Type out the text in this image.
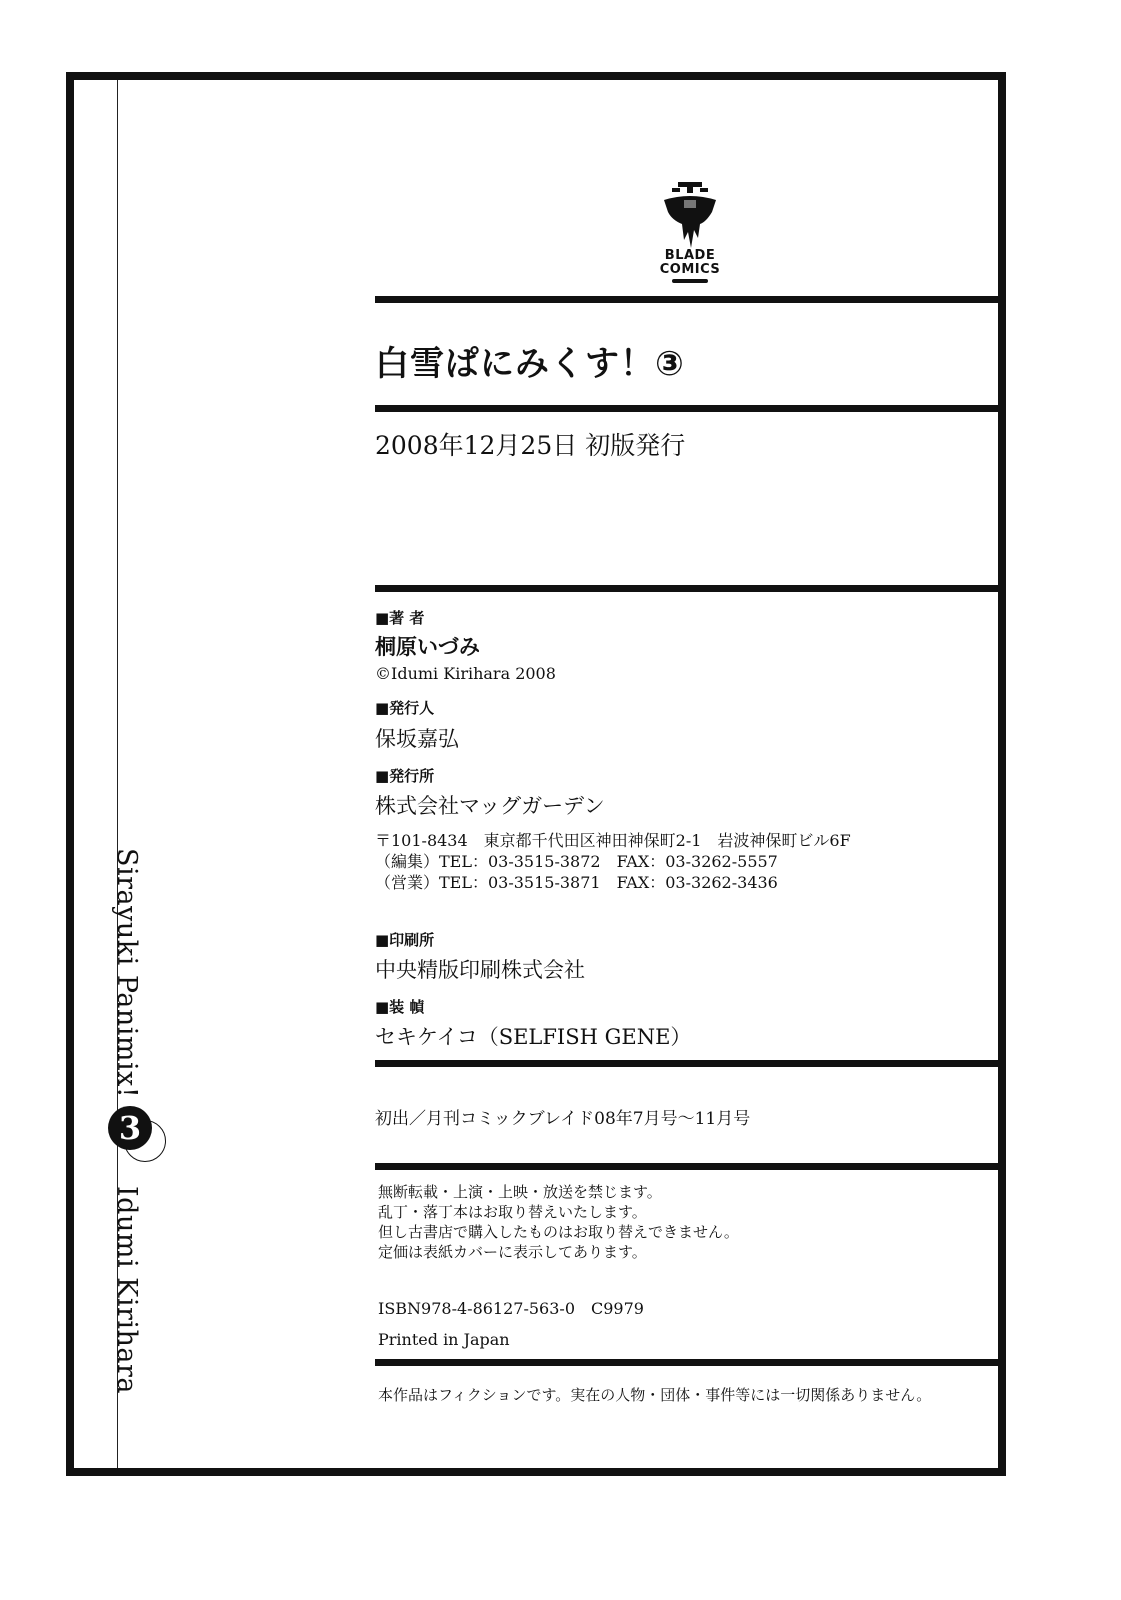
Sirayuki Panimix!
3
Idumi Kirihara
BLADE
COMICS
白雪ぱにみくす！③
2008年12月25日 初版発行
■著 者
桐原いづみ
©Idumi Kirihara 2008
■発行人
保坂嘉弘
■発行所
株式会社マッグガーデン
〒101-8434　東京都千代田区神田神保町2-1　岩波神保町ビル6F
（編集）TEL：03-3515-3872　FAX：03-3262-5557
（営業）TEL：03-3515-3871　FAX：03-3262-3436
■印刷所
中央精版印刷株式会社
■装 幀
セキケイコ（SELFISH GENE）
初出／月刊コミックブレイド08年7月号〜11月号
無断転載・上演・上映・放送を禁じます。
乱丁・落丁本はお取り替えいたします。
但し古書店で購入したものはお取り替えできません。
定価は表紙カバーに表示してあります。
ISBN978-4-86127-563-0　C9979
Printed in Japan
本作品はフィクションです。実在の人物・団体・事件等には一切関係ありません。
